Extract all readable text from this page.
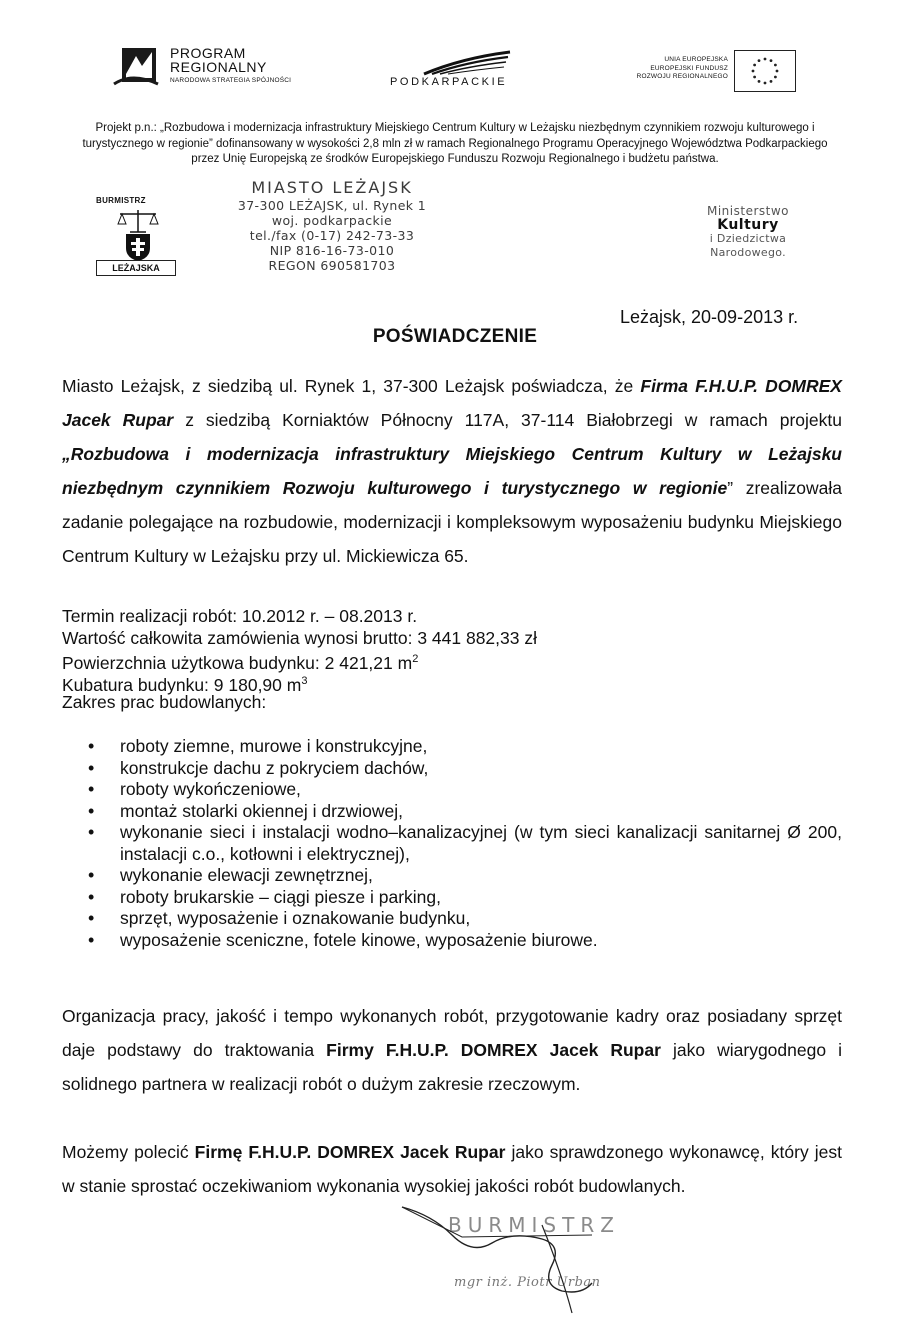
PROGRAM
REGIONALNY
NARODOWA STRATEGIA SPÓJNOŚCI	PODKARPACKIE
UNIA EUROPEJSKA
EUROPEJSKI FUNDUSZ
ROZWOJU REGIONALNEGO
Projekt p.n.: „Rozbudowa i modernizacja infrastruktury Miejskiego Centrum Kultury w Leżajsku niezbędnym czynnikiem rozwoju kulturowego i turystycznego w regionie” dofinansowany w wysokości 2,8 mln zł w ramach Regionalnego Programu Operacyjnego Województwa Podkarpackiego przez Unię Europejską ze środków Europejskiego Funduszu Rozwoju Regionalnego i budżetu państwa.
BURMISTRZ
LEŻAJSKA
MIASTO LEŻAJSK
37-300 LEŻAJSK, ul. Rynek 1
woj. podkarpackie
tel./fax (0-17) 242-73-33
NIP 816-16-73-010
REGON 690581703
Ministerstwo
Kultury
i Dziedzictwa
Narodowego.
Leżajsk, 20-09-2013 r.
POŚWIADCZENIE
Miasto Leżajsk, z siedzibą ul. Rynek 1, 37-300 Leżajsk poświadcza, że Firma F.H.U.P. DOMREX Jacek Rupar z siedzibą Korniaktów Północny 117A, 37-114 Białobrzegi w ramach projektu „Rozbudowa i modernizacja infrastruktury Miejskiego Centrum Kultury w Leżajsku niezbędnym czynnikiem Rozwoju kulturowego i turystycznego w regionie” zrealizowała zadanie polegające na rozbudowie, modernizacji i kompleksowym wyposażeniu budynku Miejskiego Centrum Kultury w Leżajsku przy ul. Mickiewicza 65.
Termin realizacji robót: 10.2012 r. – 08.2013 r.
Wartość całkowita zamówienia wynosi brutto: 3 441 882,33 zł
Powierzchnia użytkowa budynku: 2 421,21 $m^2$
Kubatura budynku: 9 180,90 $m^3$
Zakres prac budowlanych:
• roboty ziemne, murowe i konstrukcyjne,
• konstrukcje dachu z pokryciem dachów,
• roboty wykończeniowe,
• montaż stolarki okiennej i drzwiowej,
• wykonanie sieci i instalacji wodno–kanalizacyjnej (w tym sieci kanalizacji sanitarnej Ø 200, instalacji c.o., kotłowni i elektrycznej),
• wykonanie elewacji zewnętrznej,
• roboty brukarskie – ciągi piesze i parking,
• sprzęt, wyposażenie i oznakowanie budynku,
• wyposażenie sceniczne, fotele kinowe, wyposażenie biurowe.
Organizacja pracy, jakość i tempo wykonanych robót, przygotowanie kadry oraz posiadany sprzęt daje podstawy do traktowania Firmy F.H.U.P. DOMREX Jacek Rupar jako wiarygodnego i solidnego partnera w realizacji robót o dużym zakresie rzeczowym.
Możemy polecić Firmę F.H.U.P. DOMREX Jacek Rupar jako sprawdzonego wykonawcę, który jest w stanie sprostać oczekiwaniom wykonania wysokiej jakości robót budowlanych.
BURMISTRZ
mgr inż. Piotr Urban
